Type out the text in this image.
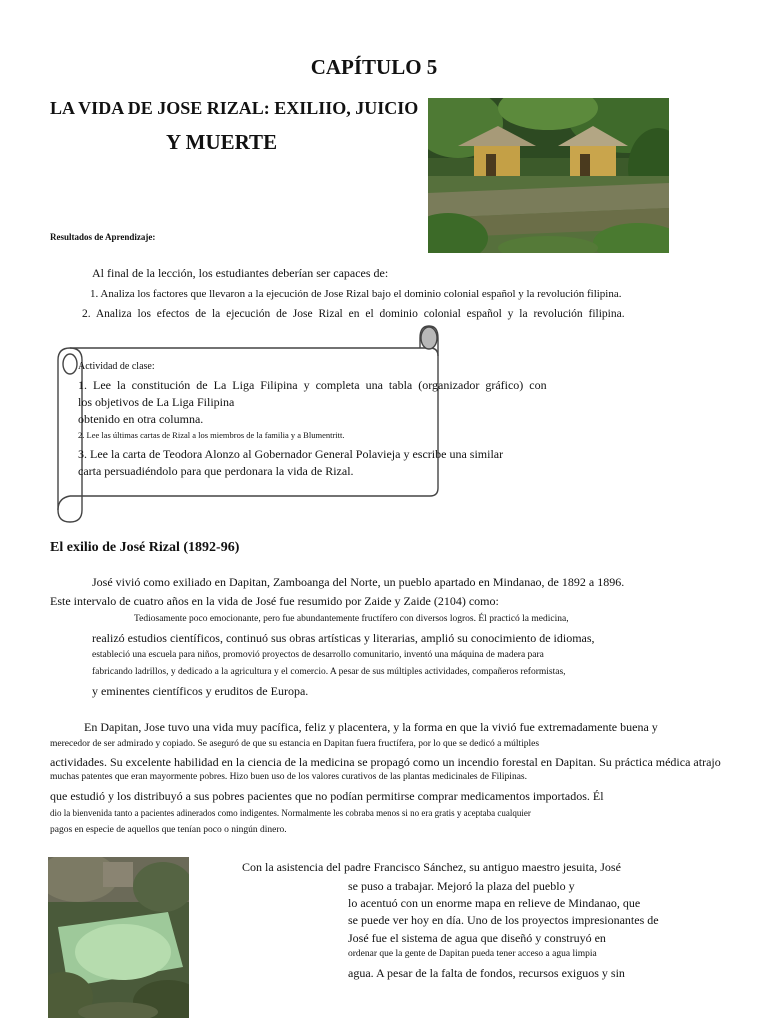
CAPÍTULO 5
LA VIDA DE JOSE RIZAL: EXILIIO, JUICIO
Y MUERTE
Resultados de Aprendizaje:
Al final de la lección, los estudiantes deberían ser capaces de:
1. Analiza los factores que llevaron a la ejecución de Jose Rizal bajo el dominio colonial español y la revolución filipina.
2. Analiza los efectos de la ejecución de Jose Rizal en el dominio colonial español y la revolución filipina.
Actividad de clase:
1. Lee la constitución de La Liga Filipina y completa una tabla (organizador gráfico) con
los objetivos de La Liga Filipina
obtenido en otra columna.
2. Lee las últimas cartas de Rizal a los miembros de la familia y a Blumentritt.
3. Lee la carta de Teodora Alonzo al Gobernador General Polavieja y escribe una similar
carta persuadiéndolo para que perdonara la vida de Rizal.
El exilio de José Rizal (1892-96)
José vivió como exiliado en Dapitan, Zamboanga del Norte, un pueblo apartado en Mindanao, de 1892 a 1896.
Este intervalo de cuatro años en la vida de José fue resumido por Zaide y Zaide (2104) como:
Tediosamente poco emocionante, pero fue abundantemente fructífero con diversos logros. Él practicó la medicina,
realizó estudios científicos, continuó sus obras artísticas y literarias, amplió su conocimiento de idiomas,
estableció una escuela para niños, promovió proyectos de desarrollo comunitario, inventó una máquina de madera para
fabricando ladrillos, y dedicado a la agricultura y el comercio. A pesar de sus múltiples actividades, compañeros reformistas,
y eminentes científicos y eruditos de Europa.
En Dapitan, Jose tuvo una vida muy pacífica, feliz y placentera, y la forma en que la vivió fue extremadamente buena y
merecedor de ser admirado y copiado. Se aseguró de que su estancia en Dapitan fuera fructífera, por lo que se dedicó a múltiples
actividades. Su excelente habilidad en la ciencia de la medicina se propagó como un incendio forestal en Dapitan. Su práctica médica atrajo
muchas patentes que eran mayormente pobres. Hizo buen uso de los valores curativos de las plantas medicinales de Filipinas.
que estudió y los distribuyó a sus pobres pacientes que no podían permitirse comprar medicamentos importados. Él
dio la bienvenida tanto a pacientes adinerados como indigentes. Normalmente les cobraba menos si no era gratis y aceptaba cualquier
pagos en especie de aquellos que tenían poco o ningún dinero.
Con la asistencia del padre Francisco Sánchez, su antiguo maestro jesuita, José
se puso a trabajar. Mejoró la plaza del pueblo y
lo acentuó con un enorme mapa en relieve de Mindanao, que
se puede ver hoy en día. Uno de los proyectos impresionantes de
José fue el sistema de agua que diseñó y construyó en
ordenar que la gente de Dapitan pueda tener acceso a agua limpia
agua. A pesar de la falta de fondos, recursos exiguos y sin
